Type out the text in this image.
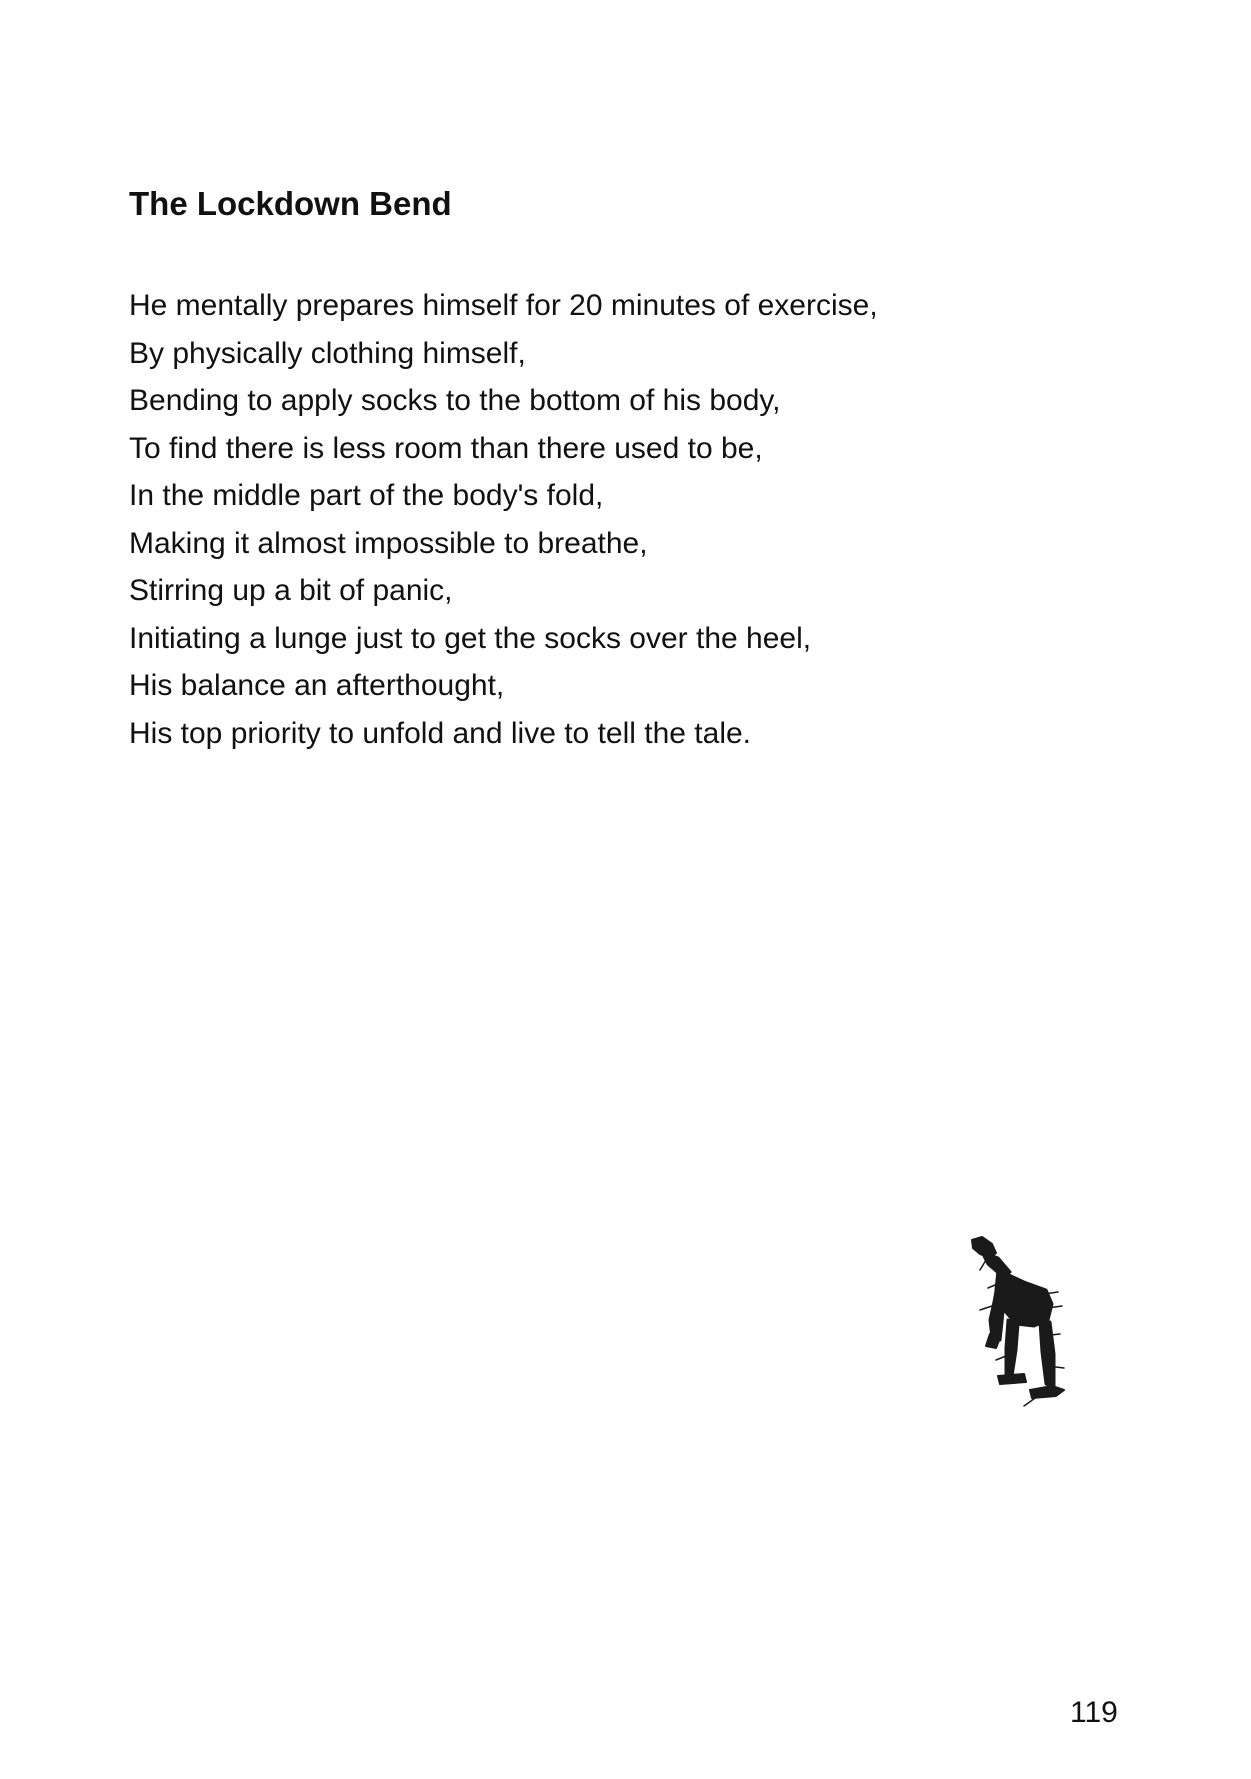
The Lockdown Bend
He mentally prepares himself for 20 minutes of exercise,
By physically clothing himself,
Bending to apply socks to the bottom of his body,
To find there is less room than there used to be,
In the middle part of the body's fold,
Making it almost impossible to breathe,
Stirring up a bit of panic,
Initiating a lunge just to get the socks over the heel,
His balance an afterthought,
His top priority to unfold and live to tell the tale.
119
